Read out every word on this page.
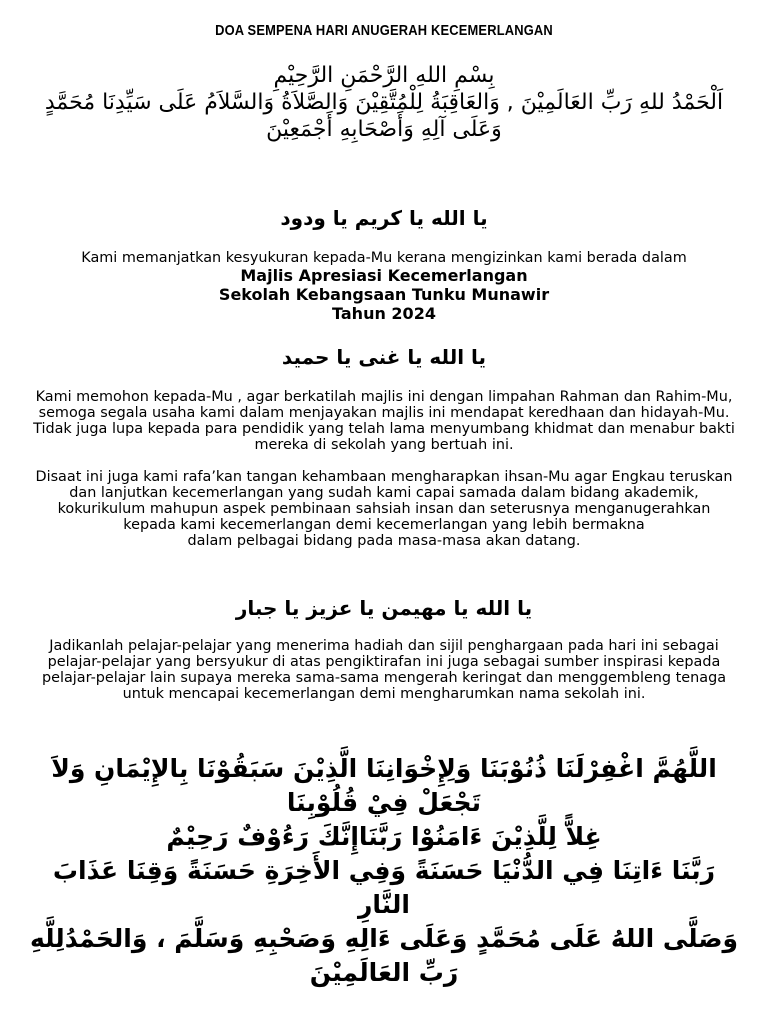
DOA SEMPENA HARI ANUGERAH KECEMERLANGAN
بِسْمِ اللهِ الرَّحْمَنِ الرَّحِيْمِ
اَلْحَمْدُ للهِ رَبِّ العَالَمِيْنَ , وَالعَاقِبَةُ لِلْمُتَّقِيْنَ وَالصَّلاَةُ وَالسَّلاَمُ عَلَى سَيِّدِنَا مُحَمَّدٍ
وَعَلَى آلِهِ وَأَصْحَابِهِ أَجْمَعِيْنَ
يا الله يا كريم يا ودود

Kami memanjatkan kesyukuran kepada-Mu kerana mengizinkan kami berada dalam

Majlis Apresiasi Kecemerlangan
Sekolah Kebangsaan Tunku Munawir
Tahun 2024
يا الله يا غنى يا حميد

Kami memohon kepada-Mu , agar berkatilah majlis ini dengan limpahan Rahman dan Rahim-Mu, semoga segala usaha kami dalam menjayakan majlis ini mendapat keredhaan dan hidayah-Mu. Tidak juga lupa kepada para pendidik yang telah lama menyumbang khidmat dan menabur bakti mereka di sekolah yang bertuah ini.

Disaat ini juga kami rafa’kan tangan kehambaan mengharapkan ihsan-Mu agar Engkau teruskan dan lanjutkan kecemerlangan yang sudah kami capai samada dalam bidang akademik, kokurikulum mahupun aspek pembinaan sahsiah insan dan seterusnya menganugerahkan kepada kami kecemerlangan demi kecemerlangan yang lebih bermakna

dalam pelbagai bidang pada masa-masa akan datang.

يا الله يا مهيمن يا عزيز يا جبار

Jadikanlah pelajar-pelajar yang menerima hadiah dan sijil penghargaan pada hari ini sebagai pelajar-pelajar yang bersyukur di atas pengiktirafan ini juga sebagai sumber inspirasi kepada pelajar-pelajar lain supaya mereka sama-sama mengerah keringat dan menggembleng tenaga untuk mencapai kecemerlangan demi mengharumkan nama sekolah ini.

اللَّهُمَّ اغْفِرْلَنَا ذُنُوْبَنَا وَلِإِخْوَانِنَا الَّذِيْنَ سَبَقُوْنَا بِالإِيْمَانِ وَلاَ تَجْعَلْ فِيْ قُلُوْبِنَا
غِلاًّ لِلَّذِيْنَ ءَامَنُوْا رَبَّنَاإِنَّكَ رَءُوْفٌ رَحِيْمٌ
رَبَّنَا ءَاتِنَا فِي الدُّنْيَا حَسَنَةً وَفِي الأَخِرَةِ حَسَنَةً وَقِنَا عَذَابَ النَّارِ
وَصَلَّى اللهُ عَلَى مُحَمَّدٍ وَعَلَى ءَالِهِ وَصَحْبِهِ وَسَلَّمَ ، وَالحَمْدُلِلَّهِ رَبِّ العَالَمِيْنَ
